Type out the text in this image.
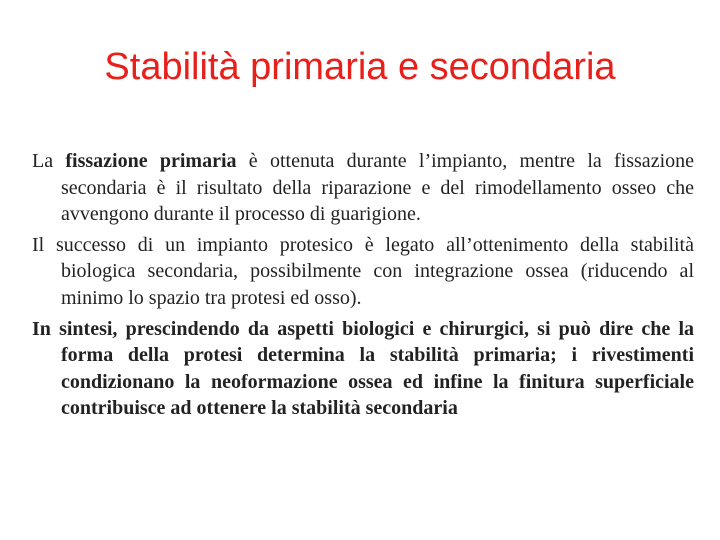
Stabilità primaria e secondaria

La fissazione primaria è ottenuta durante l’impianto, mentre la fissazione secondaria è il risultato della riparazione e del rimodellamento osseo che avvengono durante il processo di guarigione.

Il successo di un impianto protesico è legato all’ottenimento della stabilità biologica secondaria, possibilmente con integrazione ossea (riducendo al minimo lo spazio tra protesi ed osso).

In sintesi, prescindendo da aspetti biologici e chirurgici, si può dire che la forma della protesi determina la stabilità primaria; i rivestimenti condizionano la neoformazione ossea ed infine la finitura superficiale contribuisce ad ottenere la stabilità secondaria
